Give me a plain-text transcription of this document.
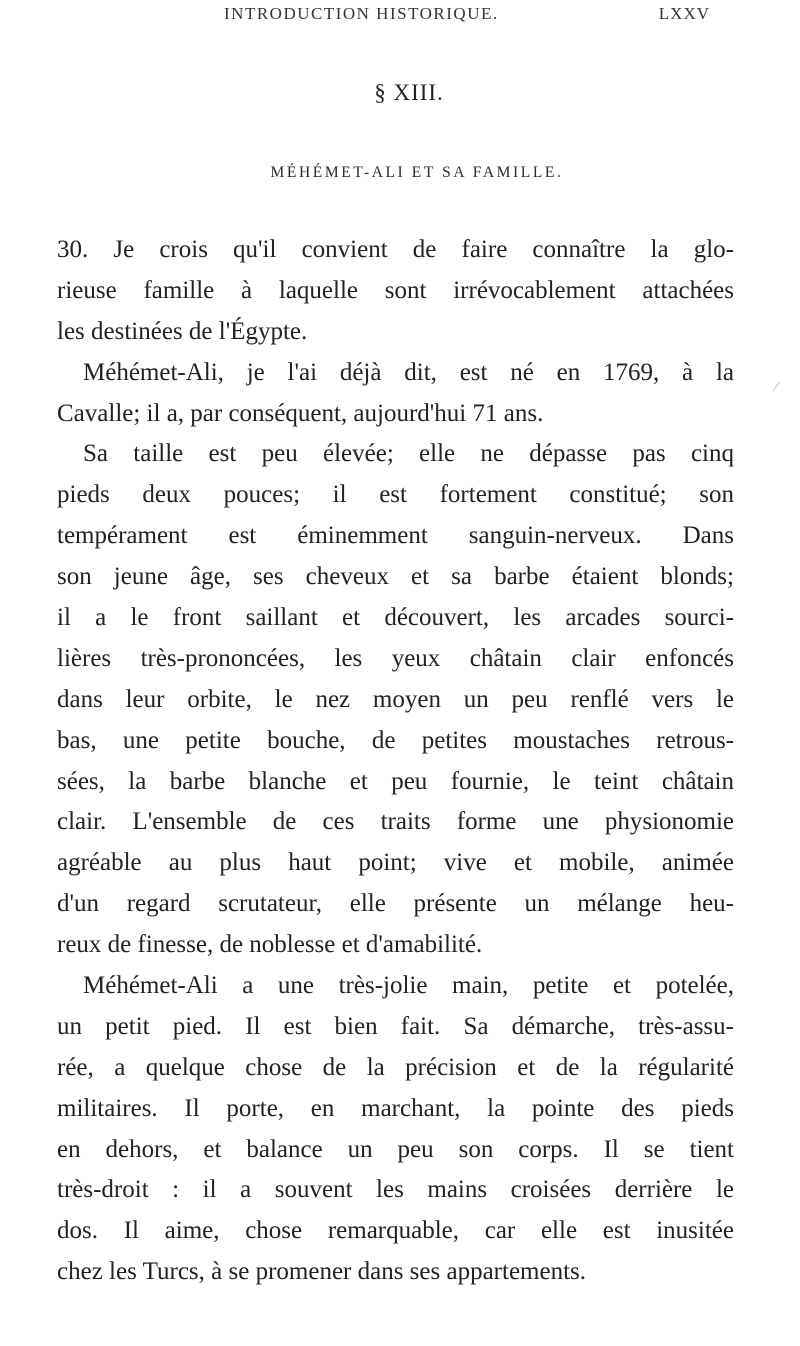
INTRODUCTION HISTORIQUE.	LXXV
§ XIII.
MÉHÉMET-ALI ET SA FAMILLE.
30. Je crois qu'il convient de faire connaître la glo-
rieuse famille à laquelle sont irrévocablement attachées
les destinées de l'Égypte.
Méhémet-Ali, je l'ai déjà dit, est né en 1769, à la
Cavalle; il a, par conséquent, aujourd'hui 71 ans.
Sa taille est peu élevée; elle ne dépasse pas cinq
pieds deux pouces; il est fortement constitué; son
tempérament est éminemment sanguin-nerveux. Dans
son jeune âge, ses cheveux et sa barbe étaient blonds;
il a le front saillant et découvert, les arcades sourci-
lières très-prononcées, les yeux châtain clair enfoncés
dans leur orbite, le nez moyen un peu renflé vers le
bas, une petite bouche, de petites moustaches retrous-
sées, la barbe blanche et peu fournie, le teint châtain
clair. L'ensemble de ces traits forme une physionomie
agréable au plus haut point; vive et mobile, animée
d'un regard scrutateur, elle présente un mélange heu-
reux de finesse, de noblesse et d'amabilité.
Méhémet-Ali a une très-jolie main, petite et potelée,
un petit pied. Il est bien fait. Sa démarche, très-assu-
rée, a quelque chose de la précision et de la régularité
militaires. Il porte, en marchant, la pointe des pieds
en dehors, et balance un peu son corps. Il se tient
très-droit : il a souvent les mains croisées derrière le
dos. Il aime, chose remarquable, car elle est inusitée
chez les Turcs, à se promener dans ses appartements.
⁄
